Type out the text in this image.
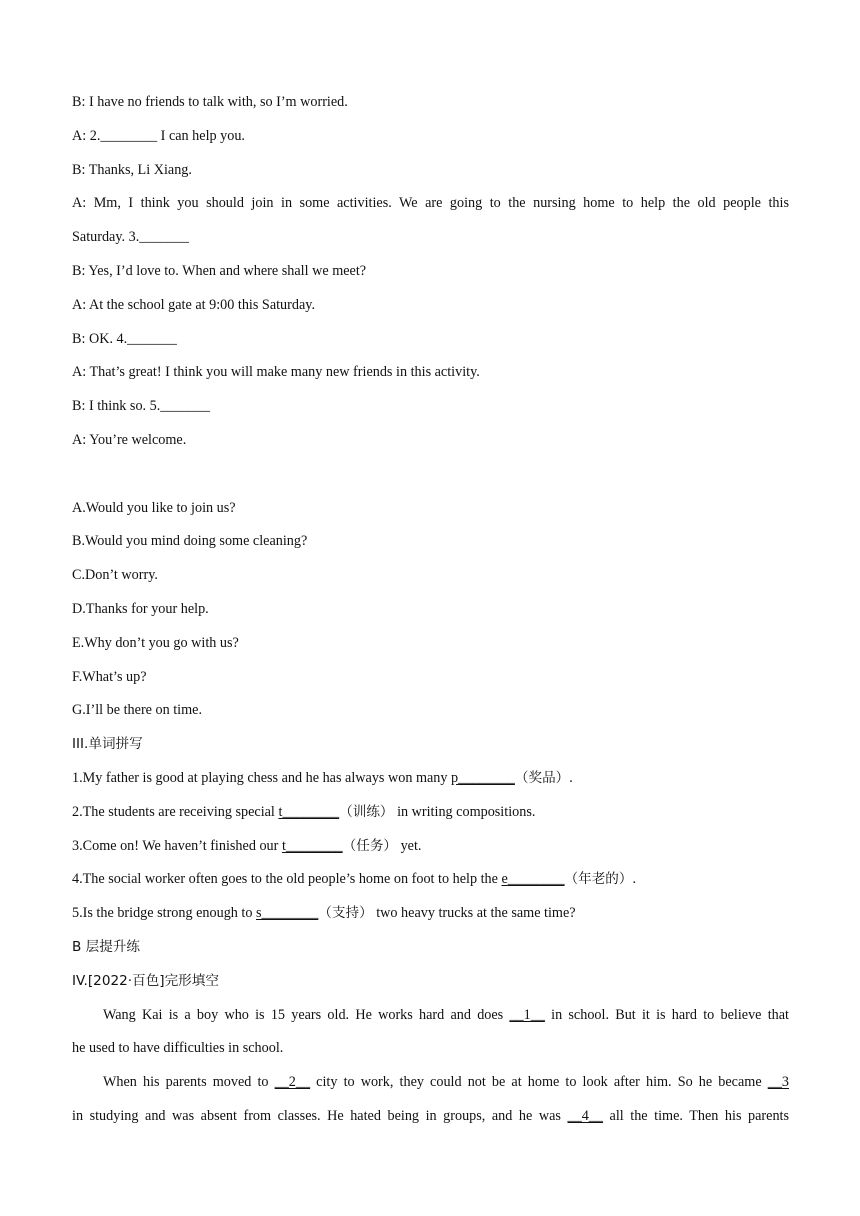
B: I have no friends to talk with, so I’m worried.
A: 2.________ I can help you.
B: Thanks, Li Xiang.
A: Mm, I think you should join in some activities. We are going to the nursing home to help the old people this
Saturday. 3._______
B: Yes, I’d love to. When and where shall we meet?
A: At the school gate at 9:00 this Saturday.
B: OK. 4._______
A: That’s great! I think you will make many new friends in this activity.
B: I think so. 5._______
A: You’re welcome.
A.Would you like to join us?
B.Would you mind doing some cleaning?
C.Don’t worry.
D.Thanks for your help.
E.Why don’t you go with us?
F.What’s up?
G.I’ll be there on time.
III.单词拼写
1.My father is good at playing chess and he has always won many p________（奖品）.
2.The students are receiving special t________（训练） in writing compositions.
3.Come on! We haven’t finished our t________（任务） yet.
4.The social worker often goes to the old people’s home on foot to help the e________（年老的）.
5.Is the bridge strong enough to s________（支持） two heavy trucks at the same time?
B 层提升练
IV.[2022·百色]完形填空
Wang Kai is a boy who is 15 years old. He works hard and does __1__ in school. But it is hard to believe that
he used to have difficulties in school.
When his parents moved to __2__ city to work, they could not be at home to look after him. So he became __3
in studying and was absent from classes. He hated being in groups, and he was __4__ all the time. Then his parents
